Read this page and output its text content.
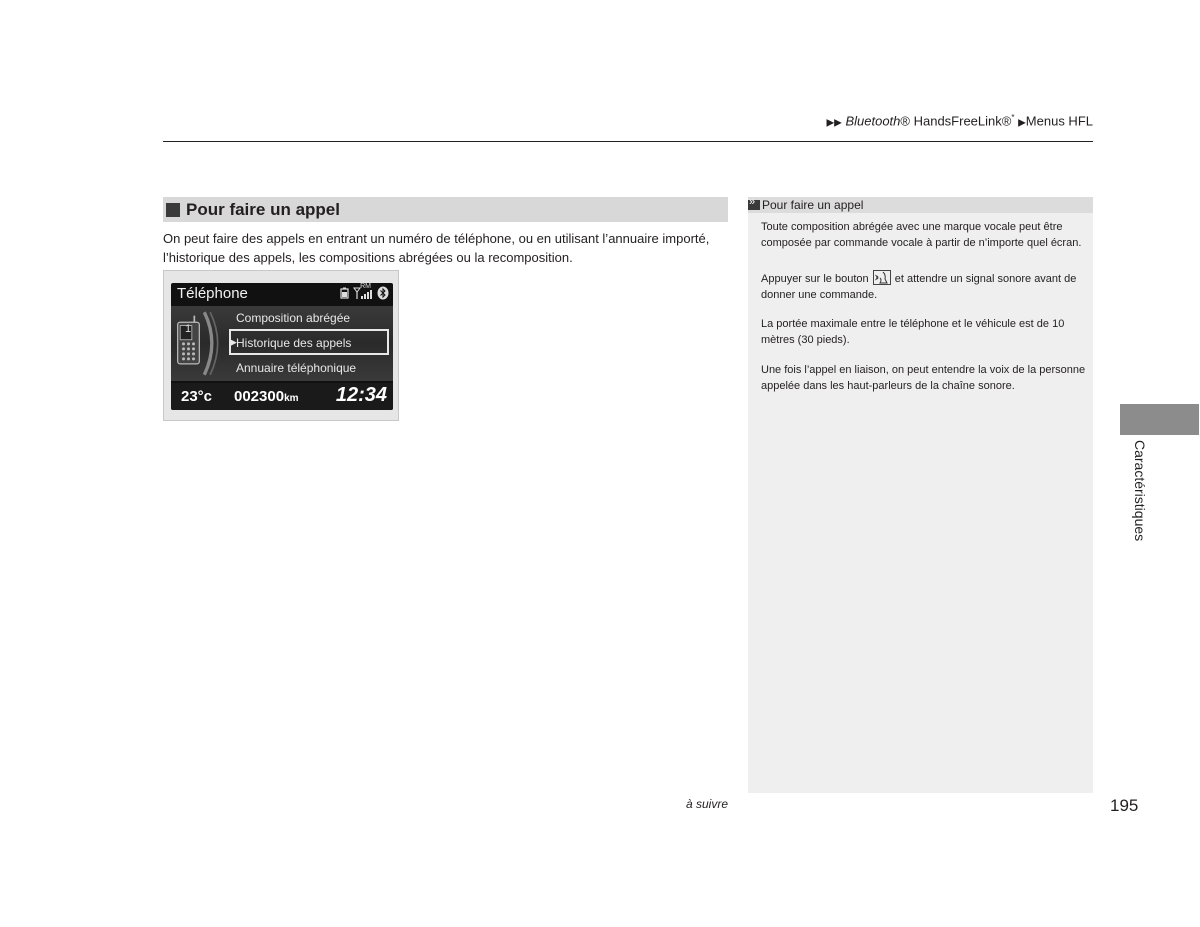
▶▶ Bluetooth® HandsFreeLink®* ▶Menus HFL
Pour faire un appel
On peut faire des appels en entrant un numéro de téléphone, ou en utilisant l’annuaire importé, l’historique des appels, les compositions abrégées ou la recomposition.
Téléphone	RM
1
▶
Composition abrégée
Historique des appels
Annuaire téléphonique
23°c 002300km 12:34
»
Pour faire un appel
Toute composition abrégée avec une marque vocale peut être composée par commande vocale à partir de n’importe quel écran.
Appuyer sur le bouton et attendre un signal sonore avant de donner une commande.
La portée maximale entre le téléphone et le véhicule est de 10 mètres (30 pieds).
Une fois l’appel en liaison, on peut entendre la voix de la personne appelée dans les haut-parleurs de la chaîne sonore.
Caractéristiques
à suivre	195
